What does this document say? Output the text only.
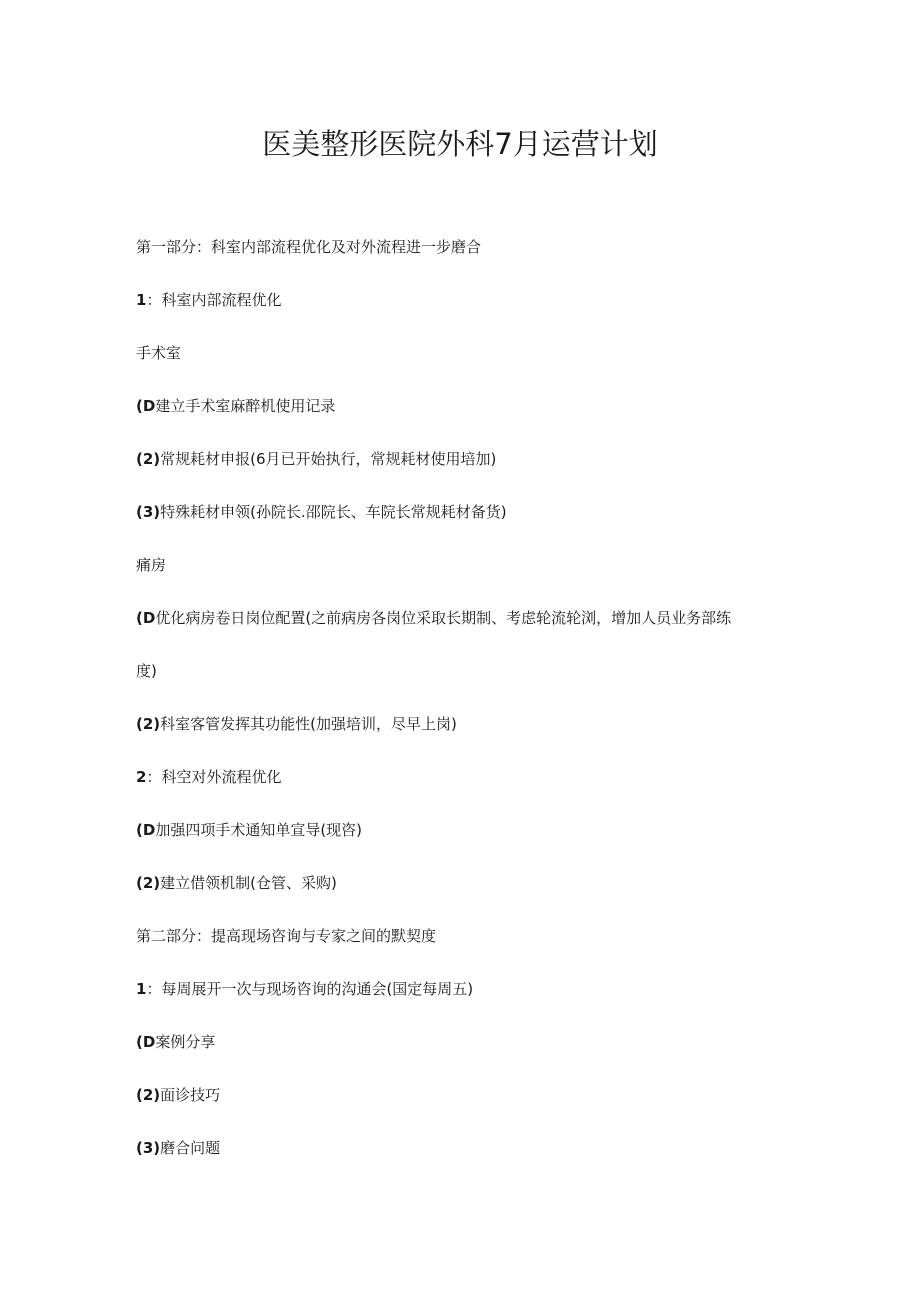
医美整形医院外科7月运营计划

第一部分：科室内部流程优化及对外流程进一步磨合

1：科室内部流程优化

手术室

(D建立手术室麻醉机使用记录

(2)常规耗材申报(6月已开始执行，常规耗材使用培加)

(3)特殊耗材申领(孙院长.邵院长、车院长常规耗材备货)

痛房

(D优化病房卷日岗位配置(之前病房各岗位采取长期制、考虑轮流轮浏，增加人员业务部练

度)

(2)科室客管发挥其功能性(加强培训，尽早上岗)

2：科空对外流程优化

(D加强四项手术通知单宣导(现咨)

(2)建立借领机制(仓管、采购)

第二部分：提高现场咨询与专家之间的默契度

1：每周展开一次与现场咨询的沟通会(国定每周五)

(D案例分享

(2)面诊技巧

(3)磨合问题
